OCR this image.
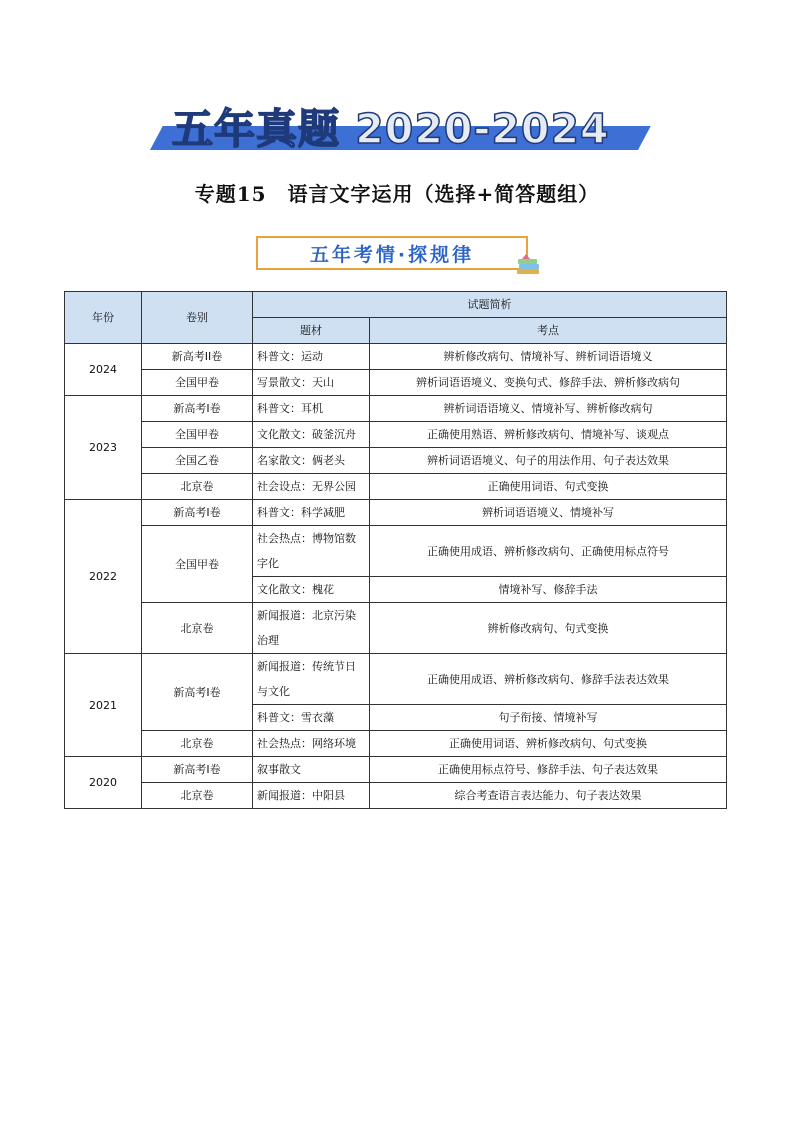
五年真题 2020-2024
专题15　语言文字运用（选择+简答题组）
五年考情·探规律
年份	卷别	试题简析	
		题材	考点
2024	新高考II卷	科普文：运动	辨析修改病句、情境补写、辨析词语语境义
	全国甲卷	写景散文：天山	辨析词语语境义、变换句式、修辞手法、辨析修改病句
2023	新高考Ⅰ卷	科普文：耳机	辨析词语语境义、情境补写、辨析修改病句
	全国甲卷	文化散文：破釜沉舟	正确使用熟语、辨析修改病句、情境补写、谈观点
	全国乙卷	名家散文：俩老头	辨析词语语境义、句子的用法作用、句子表达效果
	北京卷	社会设点：无界公园	正确使用词语、句式变换
2022	新高考Ⅰ卷	科普文：科学减肥	辨析词语语境义、情境补写
	全国甲卷	社会热点：博物馆数字化	正确使用成语、辨析修改病句、正确使用标点符号
		文化散文：槐花	情境补写、修辞手法
	北京卷	新闻报道：北京污染治理	辨析修改病句、句式变换
2021	新高考Ⅰ卷	新闻报道：传统节日与文化	正确使用成语、辨析修改病句、修辞手法表达效果
		科普文：雪衣藻	句子衔接、情境补写
	北京卷	社会热点：网络环境	正确使用词语、辨析修改病句、句式变换
2020	新高考Ⅰ卷	叙事散文	正确使用标点符号、修辞手法、句子表达效果
	北京卷	新闻报道：中阳县	综合考查语言表达能力、句子表达效果
